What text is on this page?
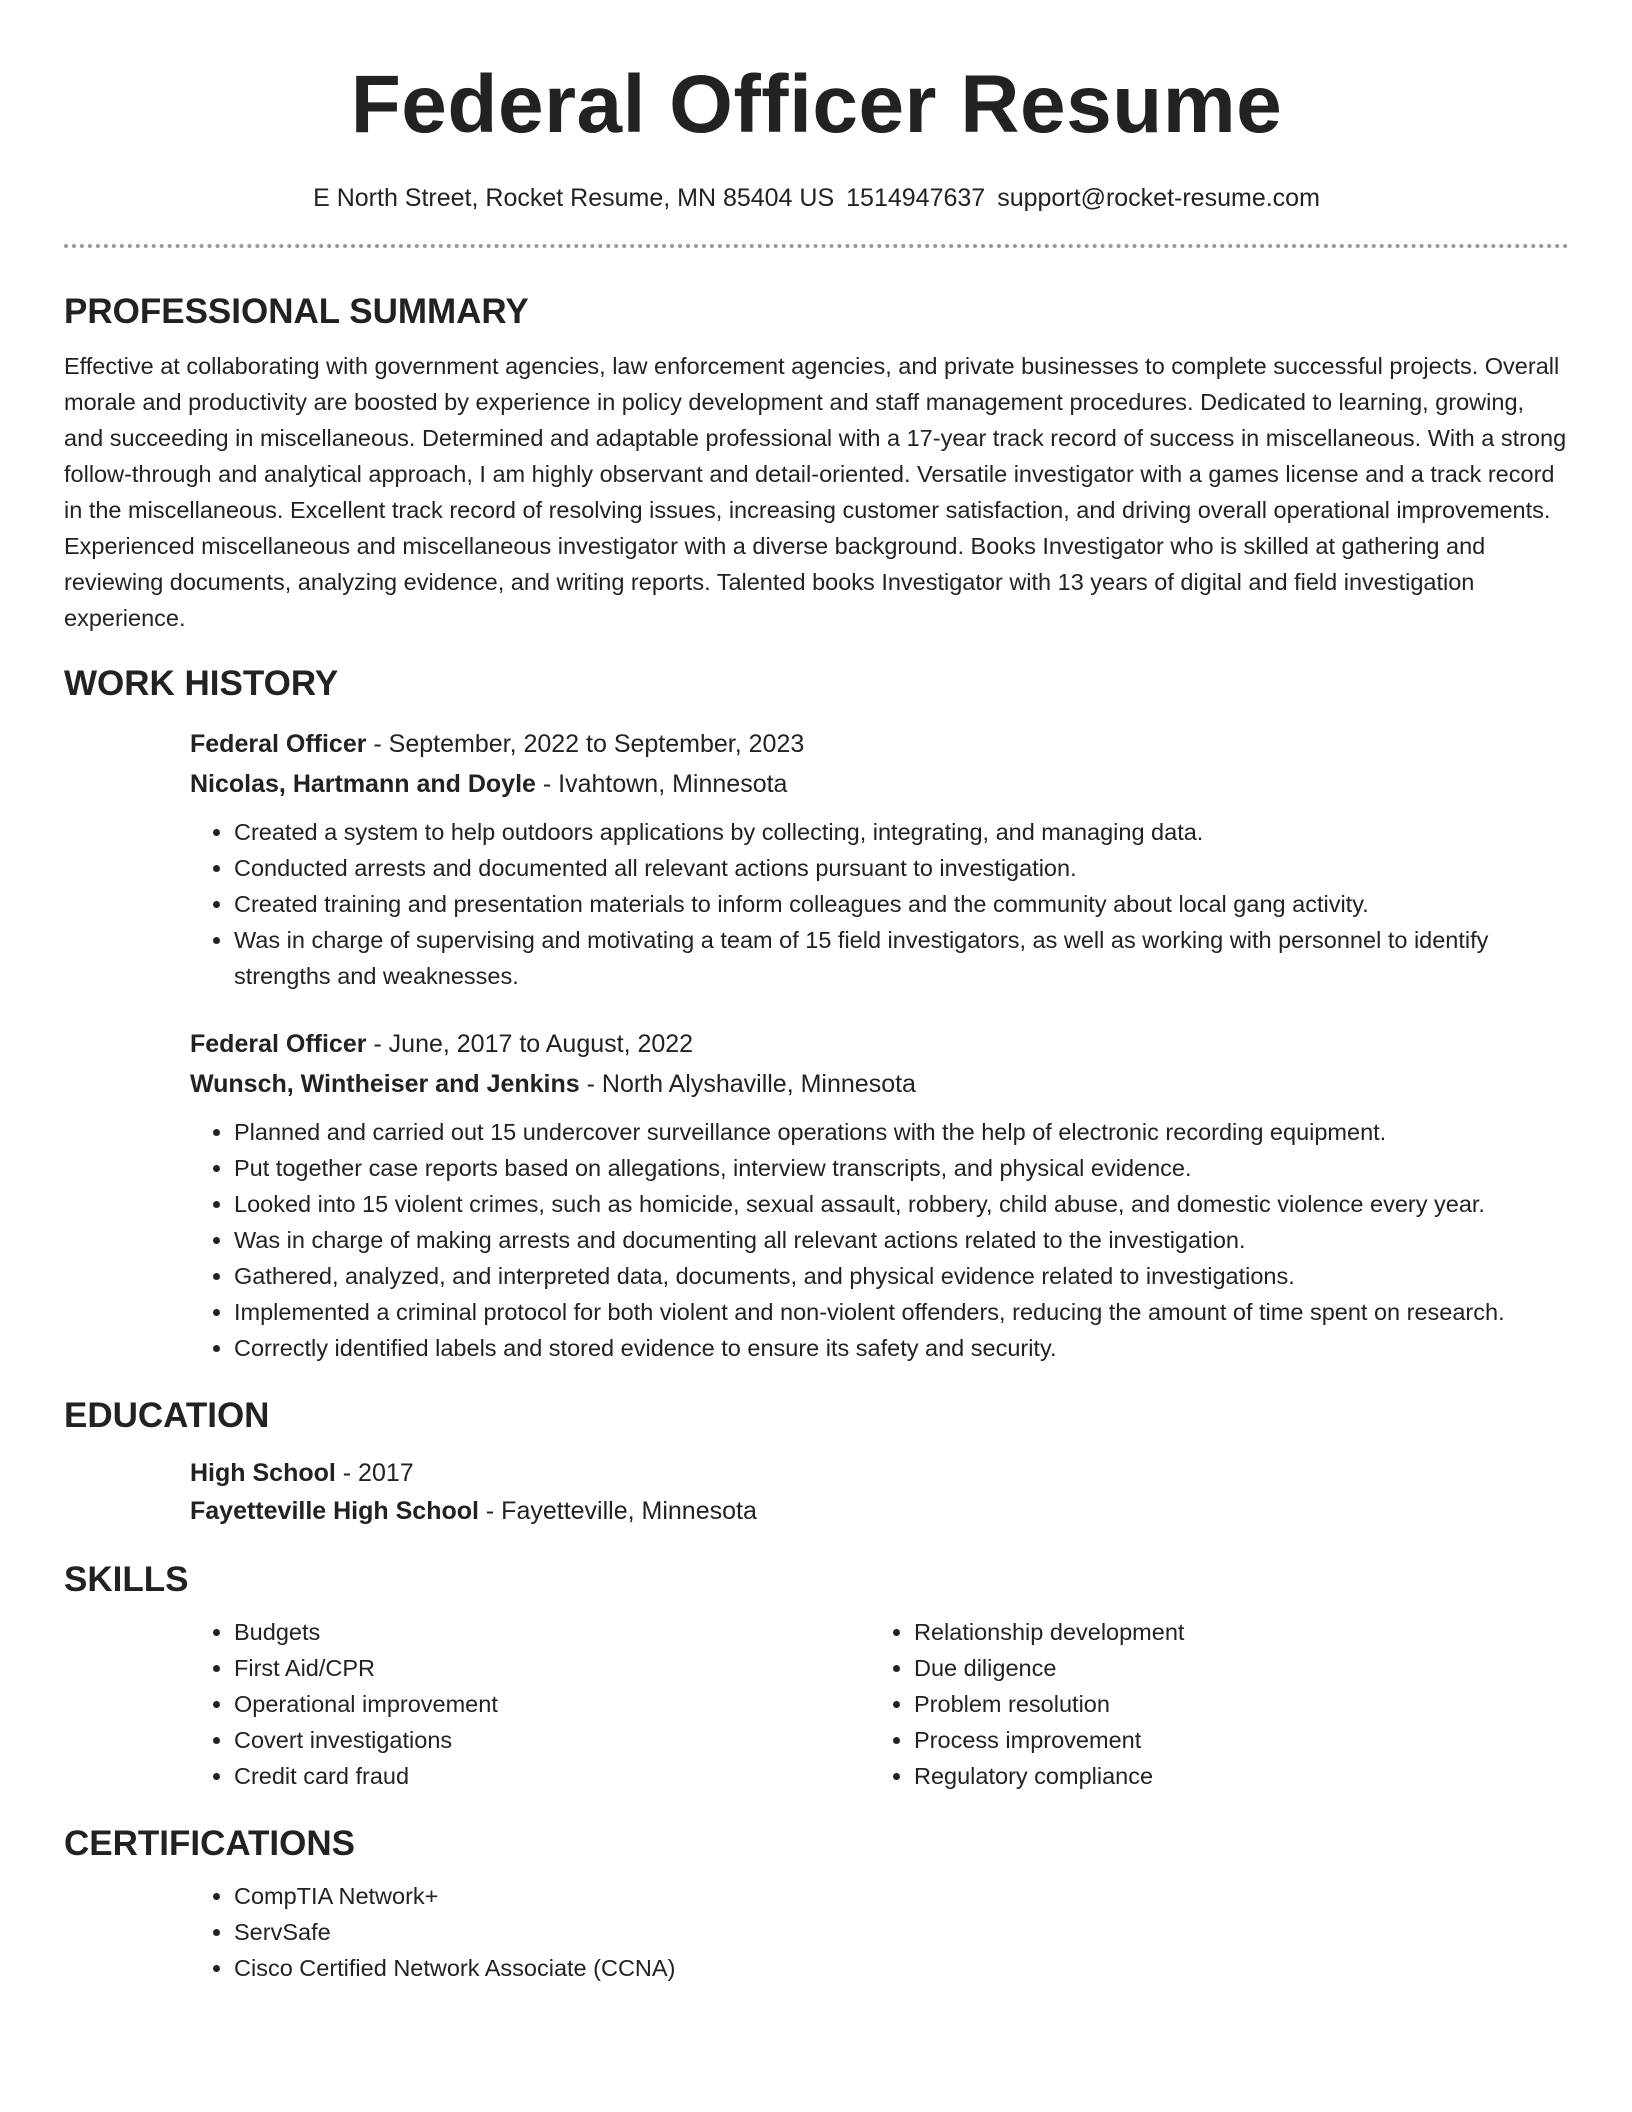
Federal Officer Resume
E North Street, Rocket Resume, MN 85404 US 1514947637 support@rocket-resume.com
PROFESSIONAL SUMMARY

Effective at collaborating with government agencies, law enforcement agencies, and private businesses to complete successful projects. Overall morale and productivity are boosted by experience in policy development and staff management procedures. Dedicated to learning, growing, and succeeding in miscellaneous. Determined and adaptable professional with a 17-year track record of success in miscellaneous. With a strong follow-through and analytical approach, I am highly observant and detail-oriented. Versatile investigator with a games license and a track record in the miscellaneous. Excellent track record of resolving issues, increasing customer satisfaction, and driving overall operational improvements. Experienced miscellaneous and miscellaneous investigator with a diverse background. Books Investigator who is skilled at gathering and reviewing documents, analyzing evidence, and writing reports. Talented books Investigator with 13 years of digital and field investigation experience.

WORK HISTORY
Federal Officer - September, 2022 to September, 2023
Nicolas, Hartmann and Doyle - Ivahtown, Minnesota
• Created a system to help outdoors applications by collecting, integrating, and managing data.
• Conducted arrests and documented all relevant actions pursuant to investigation.
• Created training and presentation materials to inform colleagues and the community about local gang activity.
• Was in charge of supervising and motivating a team of 15 field investigators, as well as working with personnel to identify strengths and weaknesses.
Federal Officer - June, 2017 to August, 2022
Wunsch, Wintheiser and Jenkins - North Alyshaville, Minnesota
• Planned and carried out 15 undercover surveillance operations with the help of electronic recording equipment.
• Put together case reports based on allegations, interview transcripts, and physical evidence.
• Looked into 15 violent crimes, such as homicide, sexual assault, robbery, child abuse, and domestic violence every year.
• Was in charge of making arrests and documenting all relevant actions related to the investigation.
• Gathered, analyzed, and interpreted data, documents, and physical evidence related to investigations.
• Implemented a criminal protocol for both violent and non-violent offenders, reducing the amount of time spent on research.
• Correctly identified labels and stored evidence to ensure its safety and security.
EDUCATION
High School - 2017
Fayetteville High School - Fayetteville, Minnesota
SKILLS
• Budgets
• First Aid/CPR
• Operational improvement
• Covert investigations
• Credit card fraud
• Relationship development
• Due diligence
• Problem resolution
• Process improvement
• Regulatory compliance
CERTIFICATIONS
• CompTIA Network+
• ServSafe
• Cisco Certified Network Associate (CCNA)
